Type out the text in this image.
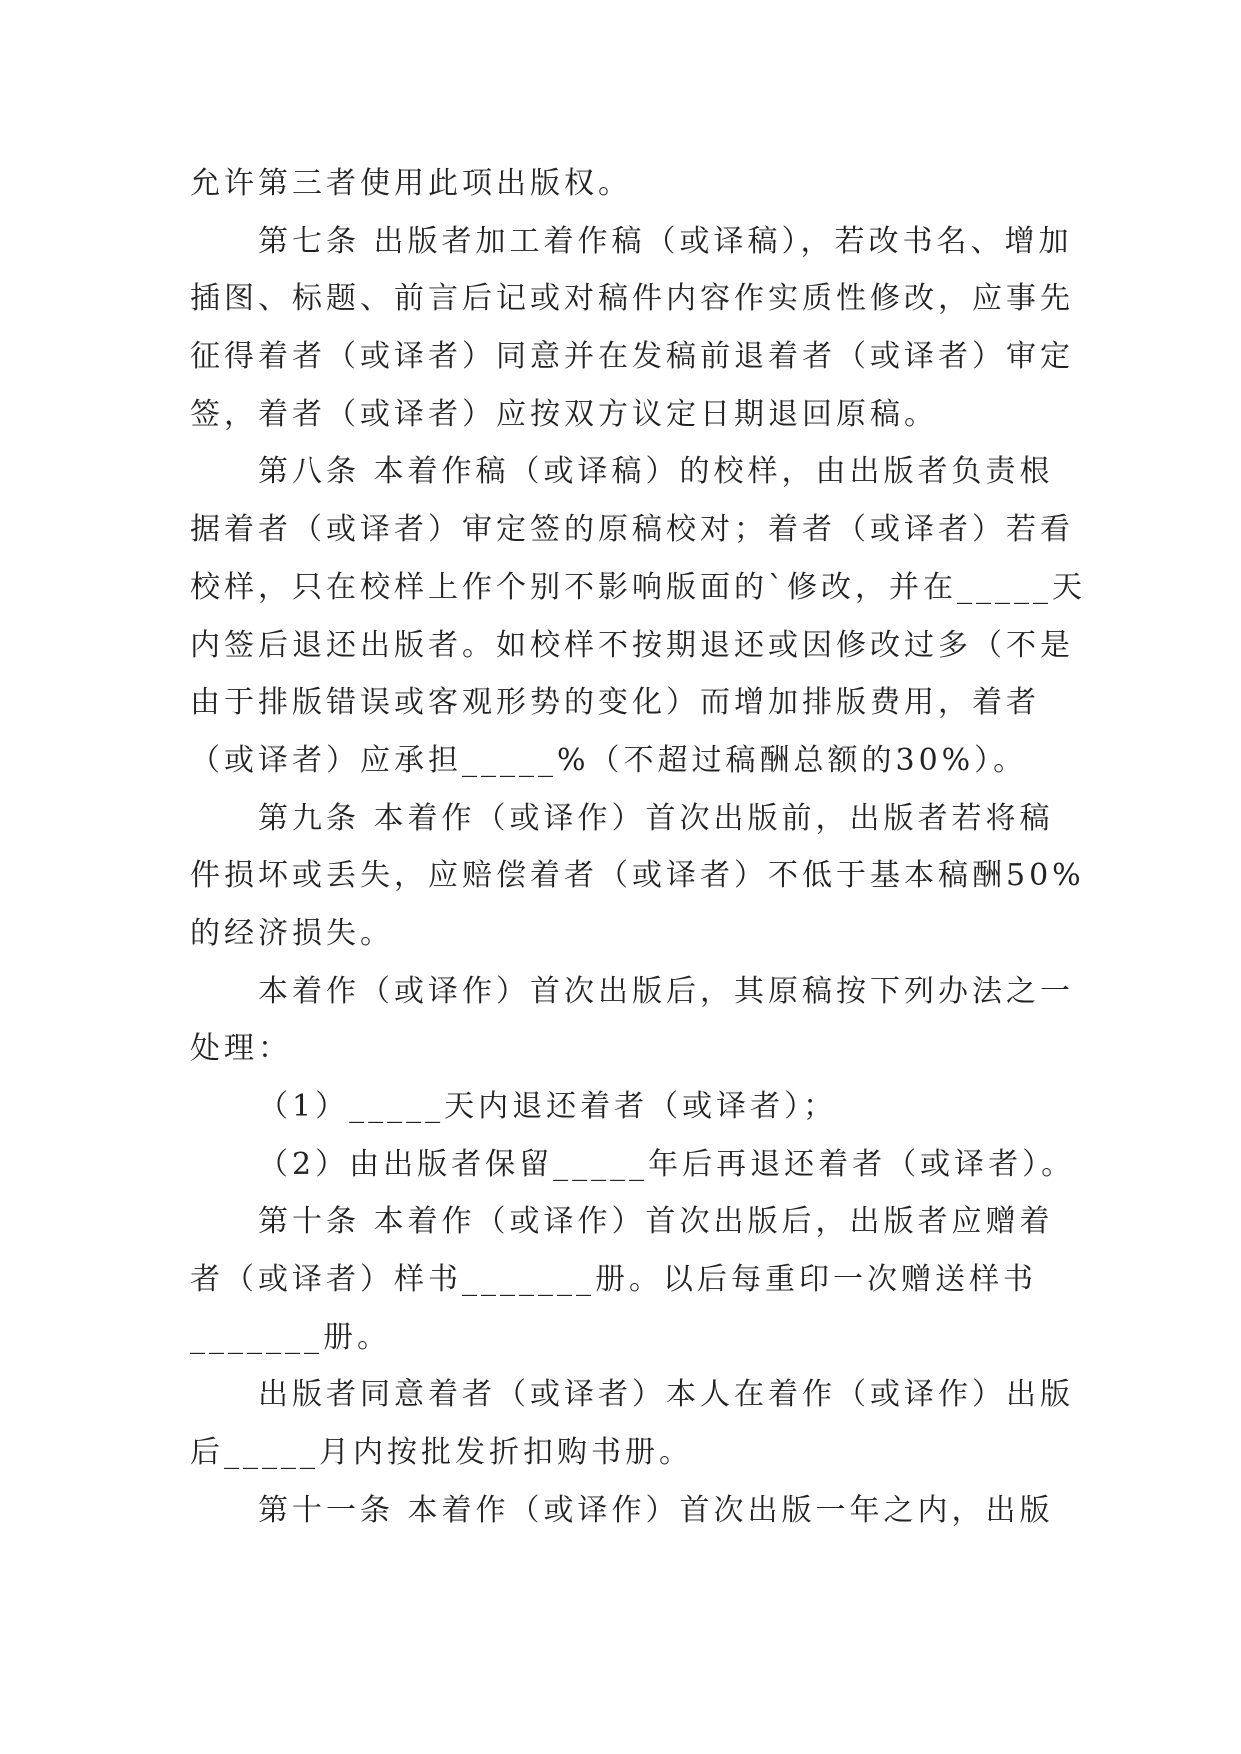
允许第三者使用此项出版权。
第七条 出版者加工着作稿（或译稿），若改书名、增加
插图、标题、前言后记或对稿件内容作实质性修改，应事先
征得着者（或译者）同意并在发稿前退着者（或译者）审定
签，着者（或译者）应按双方议定日期退回原稿。
第八条 本着作稿（或译稿）的校样，由出版者负责根
据着者（或译者）审定签的原稿校对；着者（或译者）若看
校样，只在校样上作个别不影响版面的`修改，并在_____天
内签后退还出版者。如校样不按期退还或因修改过多（不是
由于排版错误或客观形势的变化）而增加排版费用，着者
（或译者）应承担_____%（不超过稿酬总额的30%）。
第九条 本着作（或译作）首次出版前，出版者若将稿
件损坏或丢失，应赔偿着者（或译者）不低于基本稿酬50%
的经济损失。
本着作（或译作）首次出版后，其原稿按下列办法之一
处理：
（1）_____天内退还着者（或译者）；
（2）由出版者保留_____年后再退还着者（或译者）。
第十条 本着作（或译作）首次出版后，出版者应赠着
者（或译者）样书_______册。以后每重印一次赠送样书
_______册。
出版者同意着者（或译者）本人在着作（或译作）出版
后_____月内按批发折扣购书册。
第十一条 本着作（或译作）首次出版一年之内，出版
